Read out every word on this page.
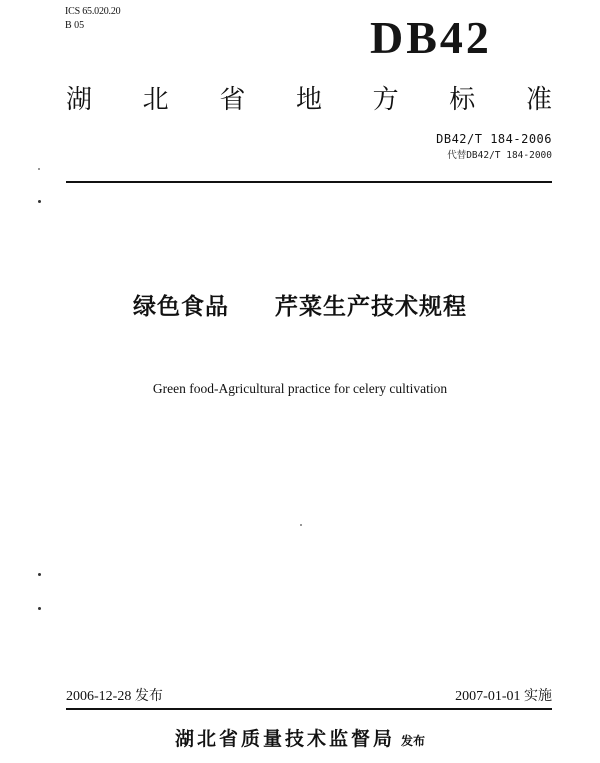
ICS 65.020.20
B 05	DB42
湖 北 省 地 方 标 准
DB42/T 184-2006
代替DB42/T 184-2000
绿色食品  芹菜生产技术规程
Green food-Agricultural practice for celery cultivation
2006-12-28 发布	2007-01-01 实施
湖北省质量技术监督局 发布
